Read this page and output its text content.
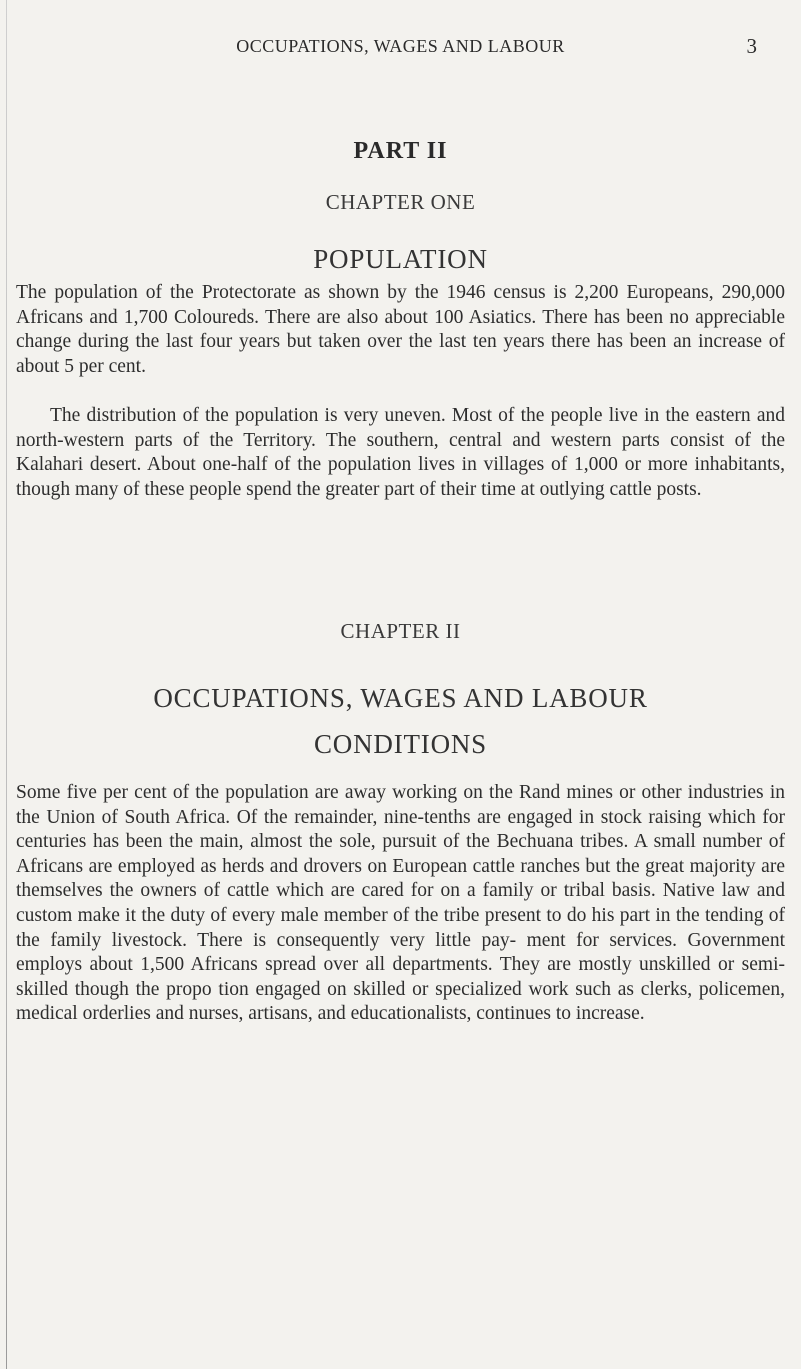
OCCUPATIONS, WAGES AND LABOUR	3
PART II
CHAPTER ONE
POPULATION

The population of the Protectorate as shown by the 1946 census is 2,200 Europeans, 290,000 Africans and 1,700 Coloureds. There are also about 100 Asiatics. There has been no appreciable change during the last four years but taken over the last ten years there has been an increase of about 5 per cent.

The distribution of the population is very uneven. Most of the people live in the eastern and north-western parts of the Territory. The southern, central and western parts consist of the Kalahari desert. About one-half of the population lives in villages of 1,000 or more inhabitants, though many of these people spend the greater part of their time at outlying cattle posts.

CHAPTER II
OCCUPATIONS, WAGES AND LABOUR
CONDITIONS

Some five per cent of the population are away working on the Rand mines or other industries in the Union of South Africa. Of the remainder, nine-tenths are engaged in stock raising which for centuries has been the main, almost the sole, pursuit of the Bechuana tribes. A small number of Africans are employed as herds and drovers on European cattle ranches but the great majority are themselves the owners of cattle which are cared for on a family or tribal basis. Native law and custom make it the duty of every male member of the tribe present to do his part in the tending of the family livestock. There is consequently very little pay- ment for services. Government employs about 1,500 Africans spread over all departments. They are mostly unskilled or semi-skilled though the propo tion engaged on skilled or specialized work such as clerks, policemen, medical orderlies and nurses, artisans, and educationalists, continues to increase.
